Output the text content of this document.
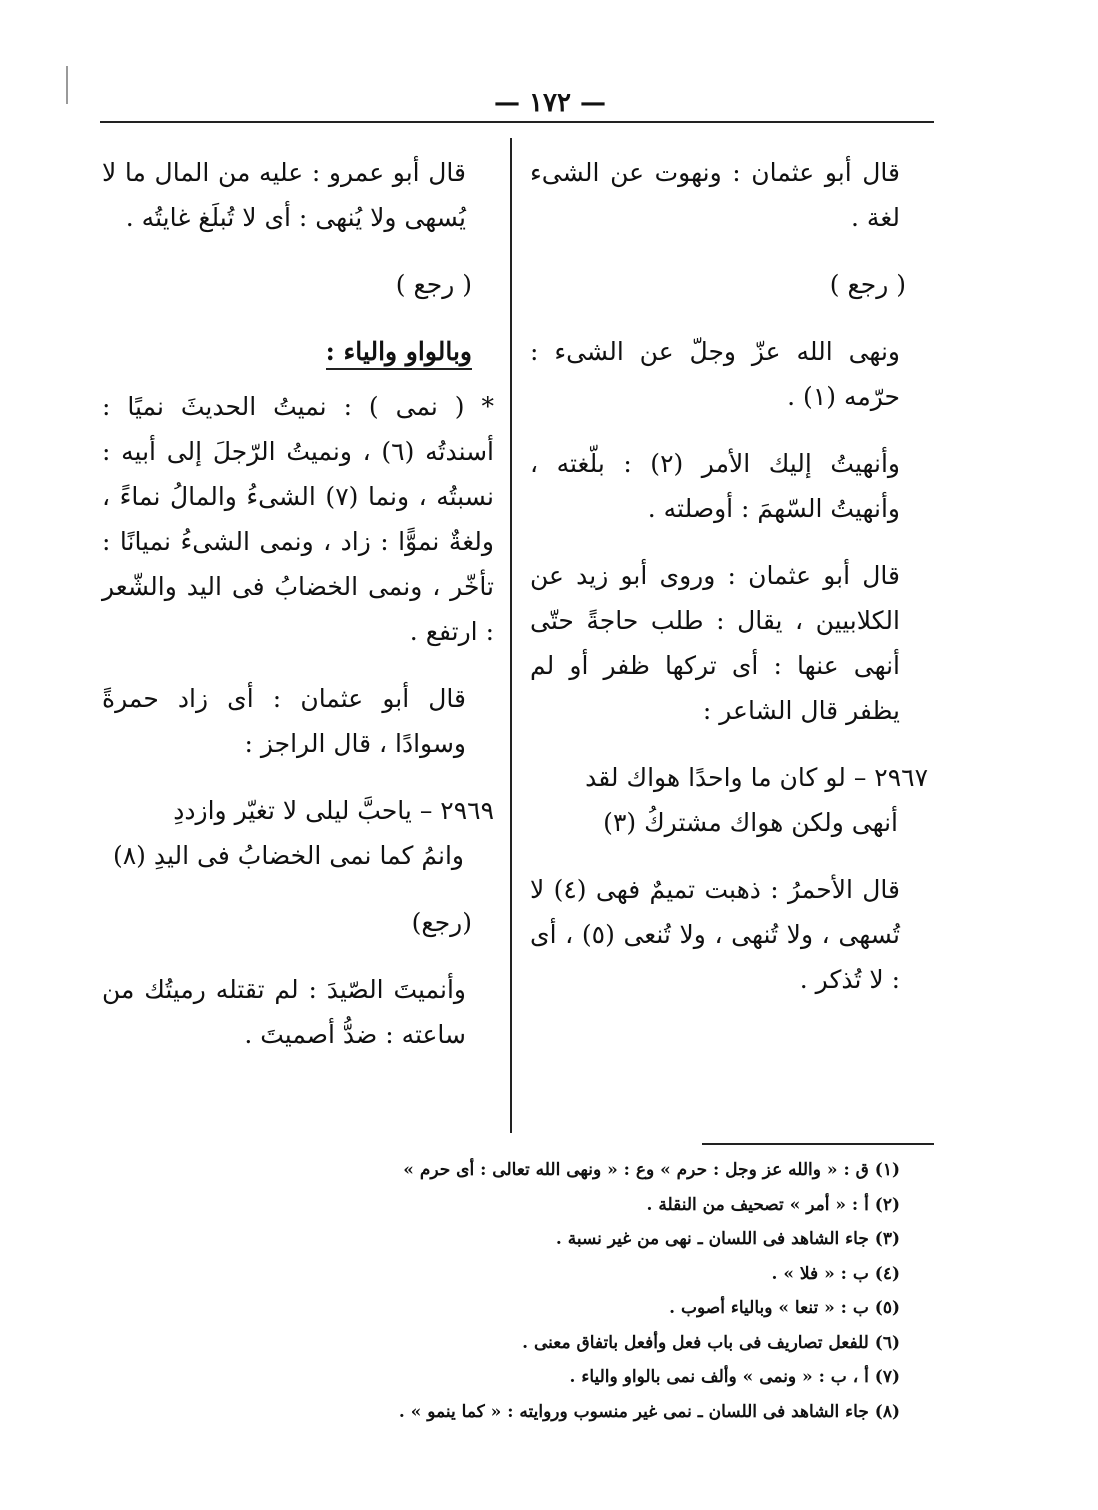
— ١٧٢ —

قال أبو عثمان : ونهوت عن الشىء لغة .

( رجع )

ونهى الله عزّ وجلّ عن الشىء : حرّمه (١) .

وأنهيتُ إليك الأمر (٢) : بلّغته ، وأنهيتُ السّهمَ : أوصلته .

قال أبو عثمان : وروى أبو زيد عن الكلابيين ، يقال : طلب حاجةً حتّى أنهى عنها : أى تركها ظفر أو لم يظفر قال الشاعر :

٢٩٦٧ – لو كان ما واحدًا هواك لقد
أنهى ولكن هواك مشتركُ (٣)

قال الأحمرُ : ذهبت تميمٌ فهى (٤) لا تُسهى ، ولا تُنهى ، ولا تُنعى (٥) ، أى : لا تُذكر .

قال أبو عمرو : عليه من المال ما لا يُسهى ولا يُنهى : أى لا تُبلَغ غايتُه .

( رجع )

وبالواو والياء :

* ( نمى ) : نميتُ الحديثَ نميًا : أسندتُه (٦) ، ونميتُ الرّجلَ إلى أبيه : نسبتُه ، ونما (٧) الشىءُ والمالُ نماءً ، ولغةٌ نموًّا : زاد ، ونمى الشىءُ نميانًا : تأخّر ، ونمى الخضابُ فى اليد والشّعر : ارتفع .

قال أبو عثمان : أى زاد حمرةً وسوادًا ، قال الراجز :

٢٩٦٩ – ياحبَّ ليلى لا تغيّر وازددِ
وانمُ كما نمى الخضابُ فى اليدِ (٨)

(رجع)

وأنميتَ الصّيدَ : لم تقتله رميتُك من ساعته : ضدُّ أصميتَ .

(١) ق : « والله عز وجل : حرم » وع : « ونهى الله تعالى : أى حرم »
(٢) أ : « أمر » تصحيف من النقلة .
(٣) جاء الشاهد فى اللسان ـ نهى من غير نسبة .
(٤) ب : « فلا » .
(٥) ب : « تنعا » وبالياء أصوب .
(٦) للفعل تصاريف فى باب فعل وأفعل باتفاق معنى .
(٧) أ ، ب : « ونمى » وألف نمى بالواو والياء .
(٨) جاء الشاهد فى اللسان ـ نمى غير منسوب وروايته : « كما ينمو » .
